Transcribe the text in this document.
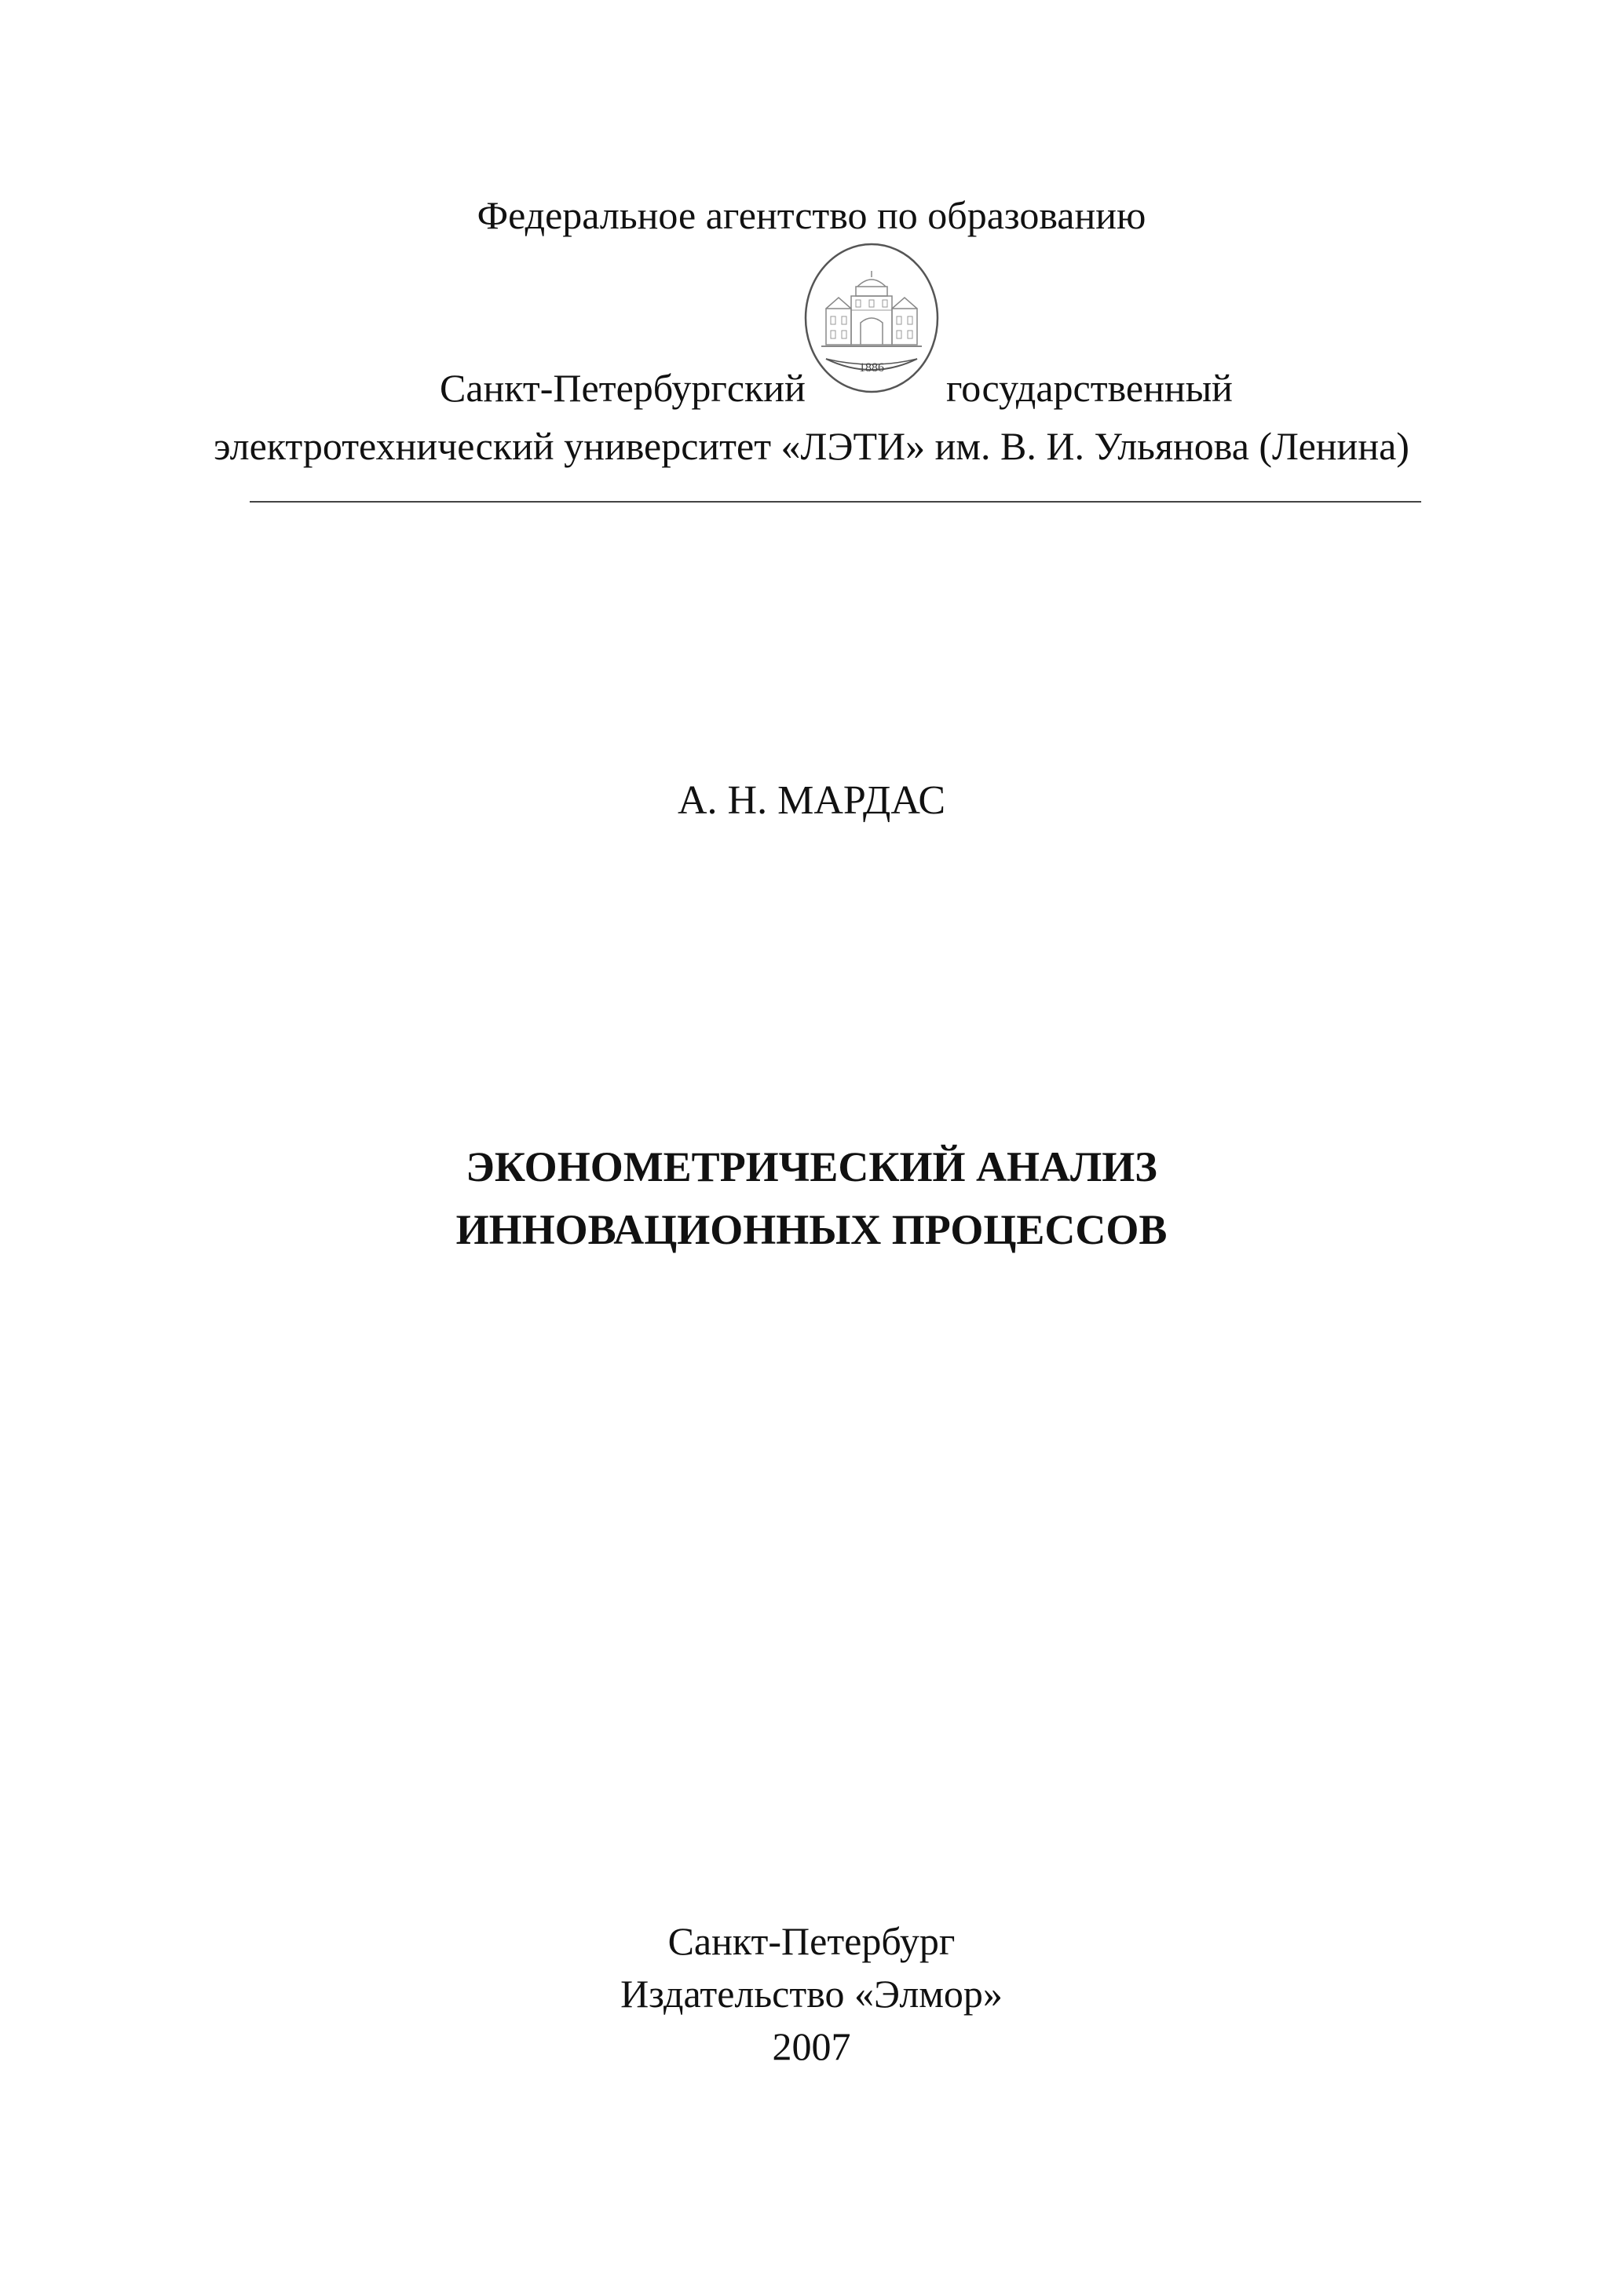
Федеральное агентство по образованию
1886
Санкт-Петербургский	государственный
электротехнический университет «ЛЭТИ» им. В. И. Ульянова (Ленина)
А. Н. МАРДАС
ЭКОНОМЕТРИЧЕСКИЙ АНАЛИЗ
ИННОВАЦИОННЫХ ПРОЦЕССОВ
Санкт-Петербург
Издательство «Элмор»
2007
